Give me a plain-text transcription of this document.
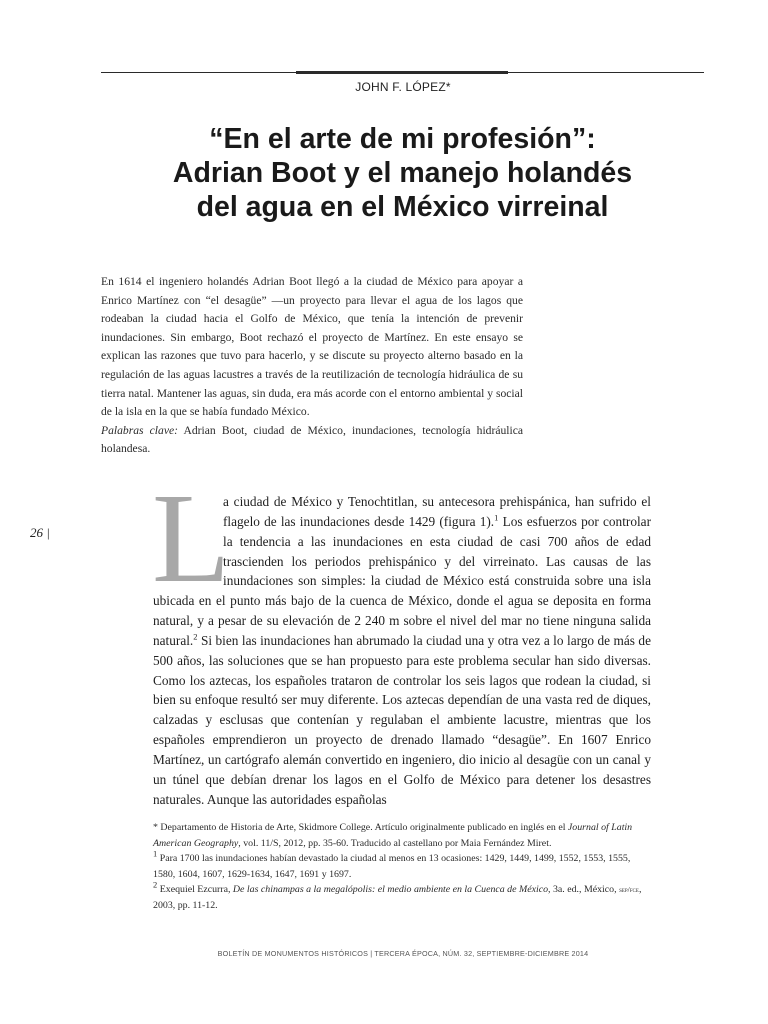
JOHN F. LÓPEZ*
“En el arte de mi profesión”:
Adrian Boot y el manejo holandés
del agua en el México virreinal

En 1614 el ingeniero holandés Adrian Boot llegó a la ciudad de México para apoyar a Enrico Martínez con “el desagüe” —un proyecto para llevar el agua de los lagos que rodeaban la ciudad hacia el Golfo de México, que tenía la intención de prevenir inundaciones. Sin embargo, Boot rechazó el proyecto de Martínez. En este ensayo se explican las razones que tuvo para hacerlo, y se discute su proyecto alterno basado en la regulación de las aguas lacustres a través de la reutilización de tecnología hidráulica de su tierra natal. Mantener las aguas, sin duda, era más acorde con el entorno ambiental y social de la isla en la que se había fundado México.

Palabras clave: Adrian Boot, ciudad de México, inundaciones, tecnología hidráulica holandesa.

26 | L

a ciudad de México y Tenochtitlan, su antecesora prehispánica, han sufrido el flagelo de las inundaciones desde 1429 (figura 1).$^1$ Los esfuerzos por controlar la tendencia a las inundaciones en esta ciudad de casi 700 años de edad trascienden los periodos prehispánico y del virreinato. Las causas de las inundaciones son simples: la ciudad de México está construida sobre una isla ubicada en el punto más bajo de la cuenca de México, donde el agua se deposita en forma natural, y a pesar de su elevación de 2 240 m sobre el nivel del mar no tiene ninguna salida natural.$^2$ Si bien las inundaciones han abrumado la ciudad una y otra vez a lo largo de más de 500 años, las soluciones que se han propuesto para este problema secular han sido diversas. Como los aztecas, los españoles trataron de controlar los seis lagos que rodean la ciudad, si bien su enfoque resultó ser muy diferente. Los aztecas dependían de una vasta red de diques, calzadas y esclusas que contenían y regulaban el ambiente lacustre, mientras que los españoles emprendieron un proyecto de drenado llamado “desagüe”. En 1607 Enrico Martínez, un cartógrafo alemán convertido en ingeniero, dio inicio al desagüe con un canal y un túnel que debían drenar los lagos en el Golfo de México para detener los desastres naturales. Aunque las autoridades españolas

* Departamento de Historia de Arte, Skidmore College. Artículo originalmente publicado en inglés en el Journal of Latin American Geography, vol. 11/S, 2012, pp. 35-60. Traducido al castellano por Maia Fernández Miret.

1 Para 1700 las inundaciones habían devastado la ciudad al menos en 13 ocasiones: 1429, 1449, 1499, 1552, 1553, 1555, 1580, 1604, 1607, 1629-1634, 1647, 1691 y 1697.

2 Exequiel Ezcurra, De las chinampas a la megalópolis: el medio ambiente en la Cuenca de México, 3a. ed., México, sep/fce, 2003, pp. 11-12.

BOLETÍN DE MONUMENTOS HISTÓRICOS | TERCERA ÉPOCA, NÚM. 32, SEPTIEMBRE-DICIEMBRE 2014
